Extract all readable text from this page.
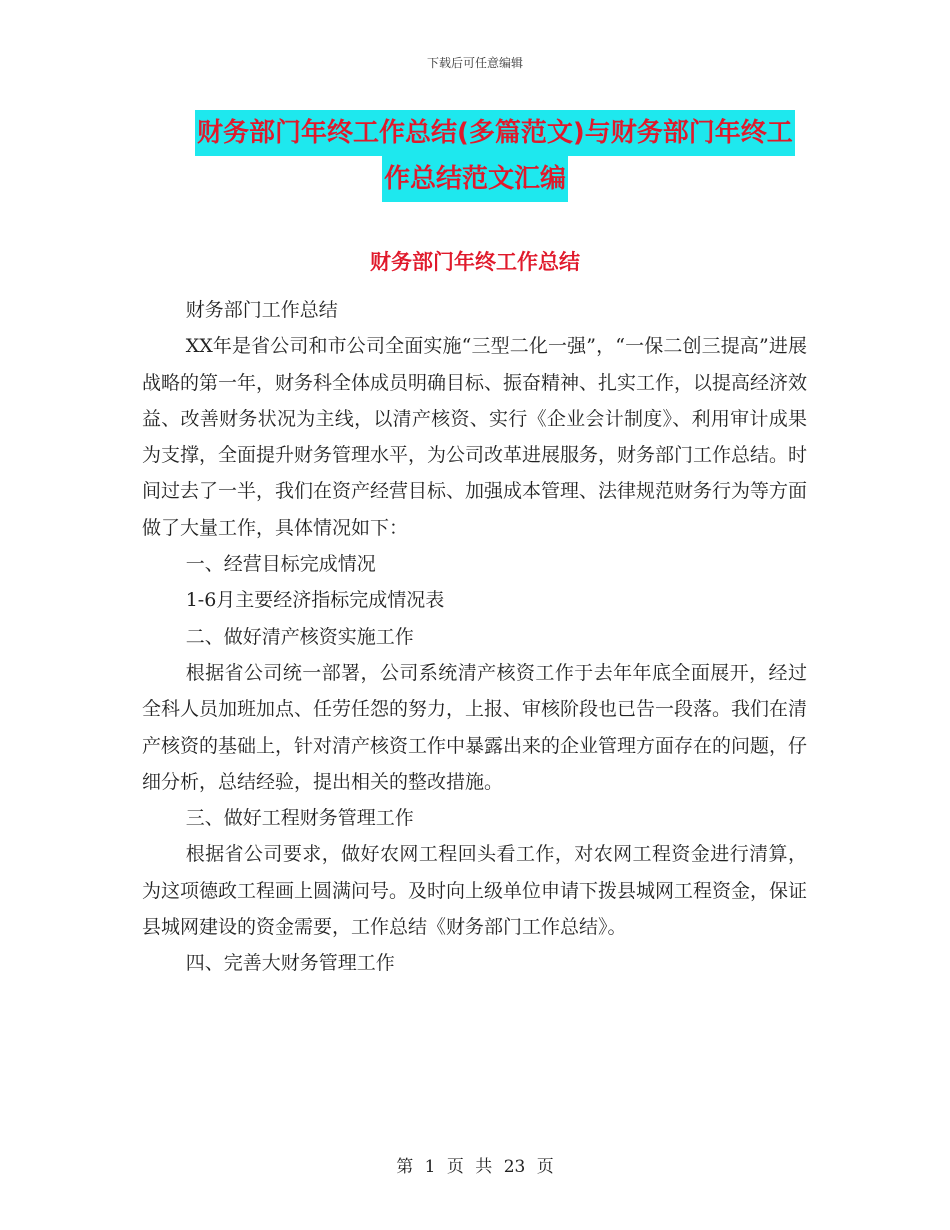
下载后可任意编辑
财务部门年终工作总结(多篇范文)与财务部门年终工
作总结范文汇编
财务部门年终工作总结

财务部门工作总结

XX年是省公司和市公司全面实施“三型二化一强”，“一保二创三提高”进展战略的第一年，财务科全体成员明确目标、振奋精神、扎实工作，以提高经济效益、改善财务状况为主线，以清产核资、实行《企业会计制度》、利用审计成果为支撑，全面提升财务管理水平，为公司改革进展服务，财务部门工作总结。时间过去了一半，我们在资产经营目标、加强成本管理、法律规范财务行为等方面做了大量工作，具体情况如下：

一、经营目标完成情况

1-6月主要经济指标完成情况表

二、做好清产核资实施工作

根据省公司统一部署，公司系统清产核资工作于去年年底全面展开，经过全科人员加班加点、任劳任怨的努力，上报、审核阶段也已告一段落。我们在清产核资的基础上，针对清产核资工作中暴露出来的企业管理方面存在的问题，仔细分析，总结经验，提出相关的整改措施。

三、做好工程财务管理工作

根据省公司要求，做好农网工程回头看工作，对农网工程资金进行清算，为这项德政工程画上圆满问号。及时向上级单位申请下拨县城网工程资金，保证县城网建设的资金需要，工作总结《财务部门工作总结》。

四、完善大财务管理工作

第 1 页 共 23 页
